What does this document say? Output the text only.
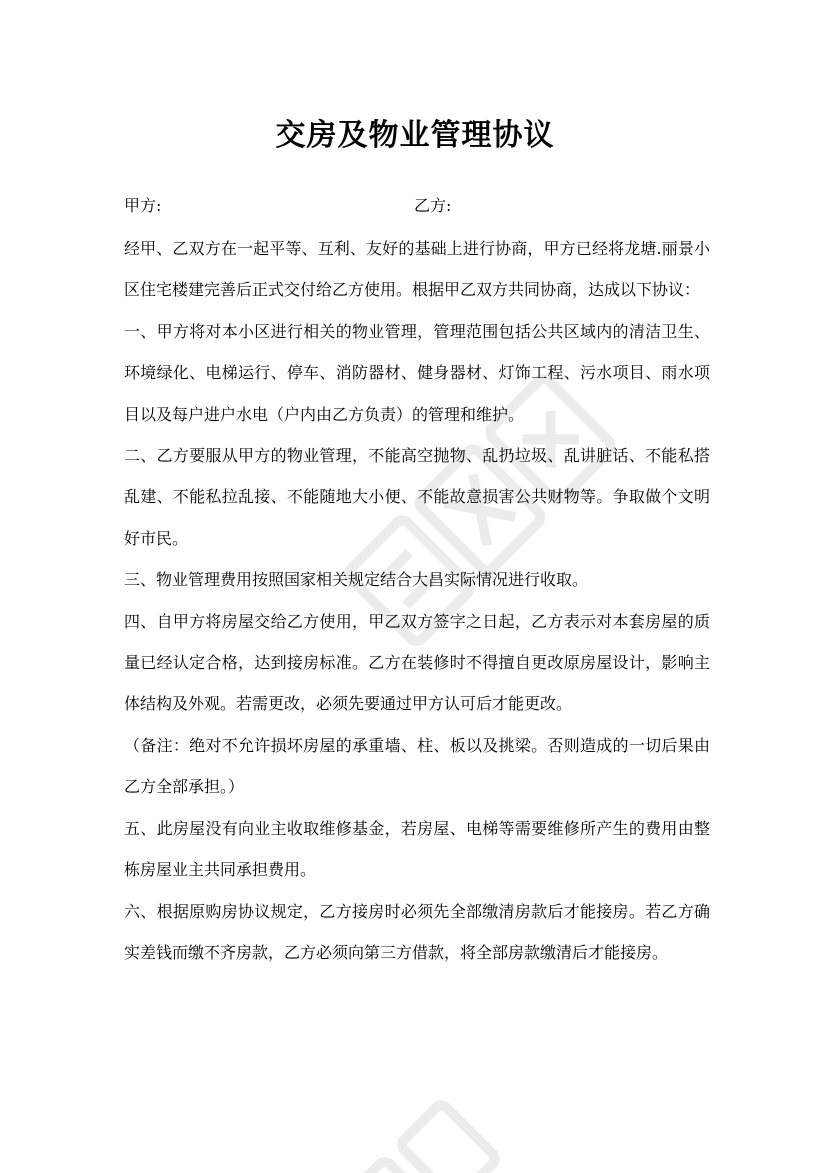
交房及物业管理协议
甲方:	乙方:

经甲、乙双方在一起平等、互利、友好的基础上进行协商，甲方已经将龙塘.丽景小区住宅楼建完善后正式交付给乙方使用。根据甲乙双方共同协商，达成以下协议：

一、甲方将对本小区进行相关的物业管理，管理范围包括公共区域内的清洁卫生、环境绿化、电梯运行、停车、消防器材、健身器材、灯饰工程、污水项目、雨水项目以及每户进户水电（户内由乙方负责）的管理和维护。

二、乙方要服从甲方的物业管理，不能高空抛物、乱扔垃圾、乱讲脏话、不能私搭乱建、不能私拉乱接、不能随地大小便、不能故意损害公共财物等。争取做个文明好市民。

三、物业管理费用按照国家相关规定结合大昌实际情况进行收取。

四、自甲方将房屋交给乙方使用，甲乙双方签字之日起，乙方表示对本套房屋的质量已经认定合格，达到接房标准。乙方在装修时不得擅自更改原房屋设计，影响主体结构及外观。若需更改，必须先要通过甲方认可后才能更改。

（备注：绝对不允许损坏房屋的承重墙、柱、板以及挑梁。否则造成的一切后果由乙方全部承担。）

五、此房屋没有向业主收取维修基金，若房屋、电梯等需要维修所产生的费用由整栋房屋业主共同承担费用。

六、根据原购房协议规定，乙方接房时必须先全部缴清房款后才能接房。若乙方确实差钱而缴不齐房款，乙方必须向第三方借款，将全部房款缴清后才能接房。
